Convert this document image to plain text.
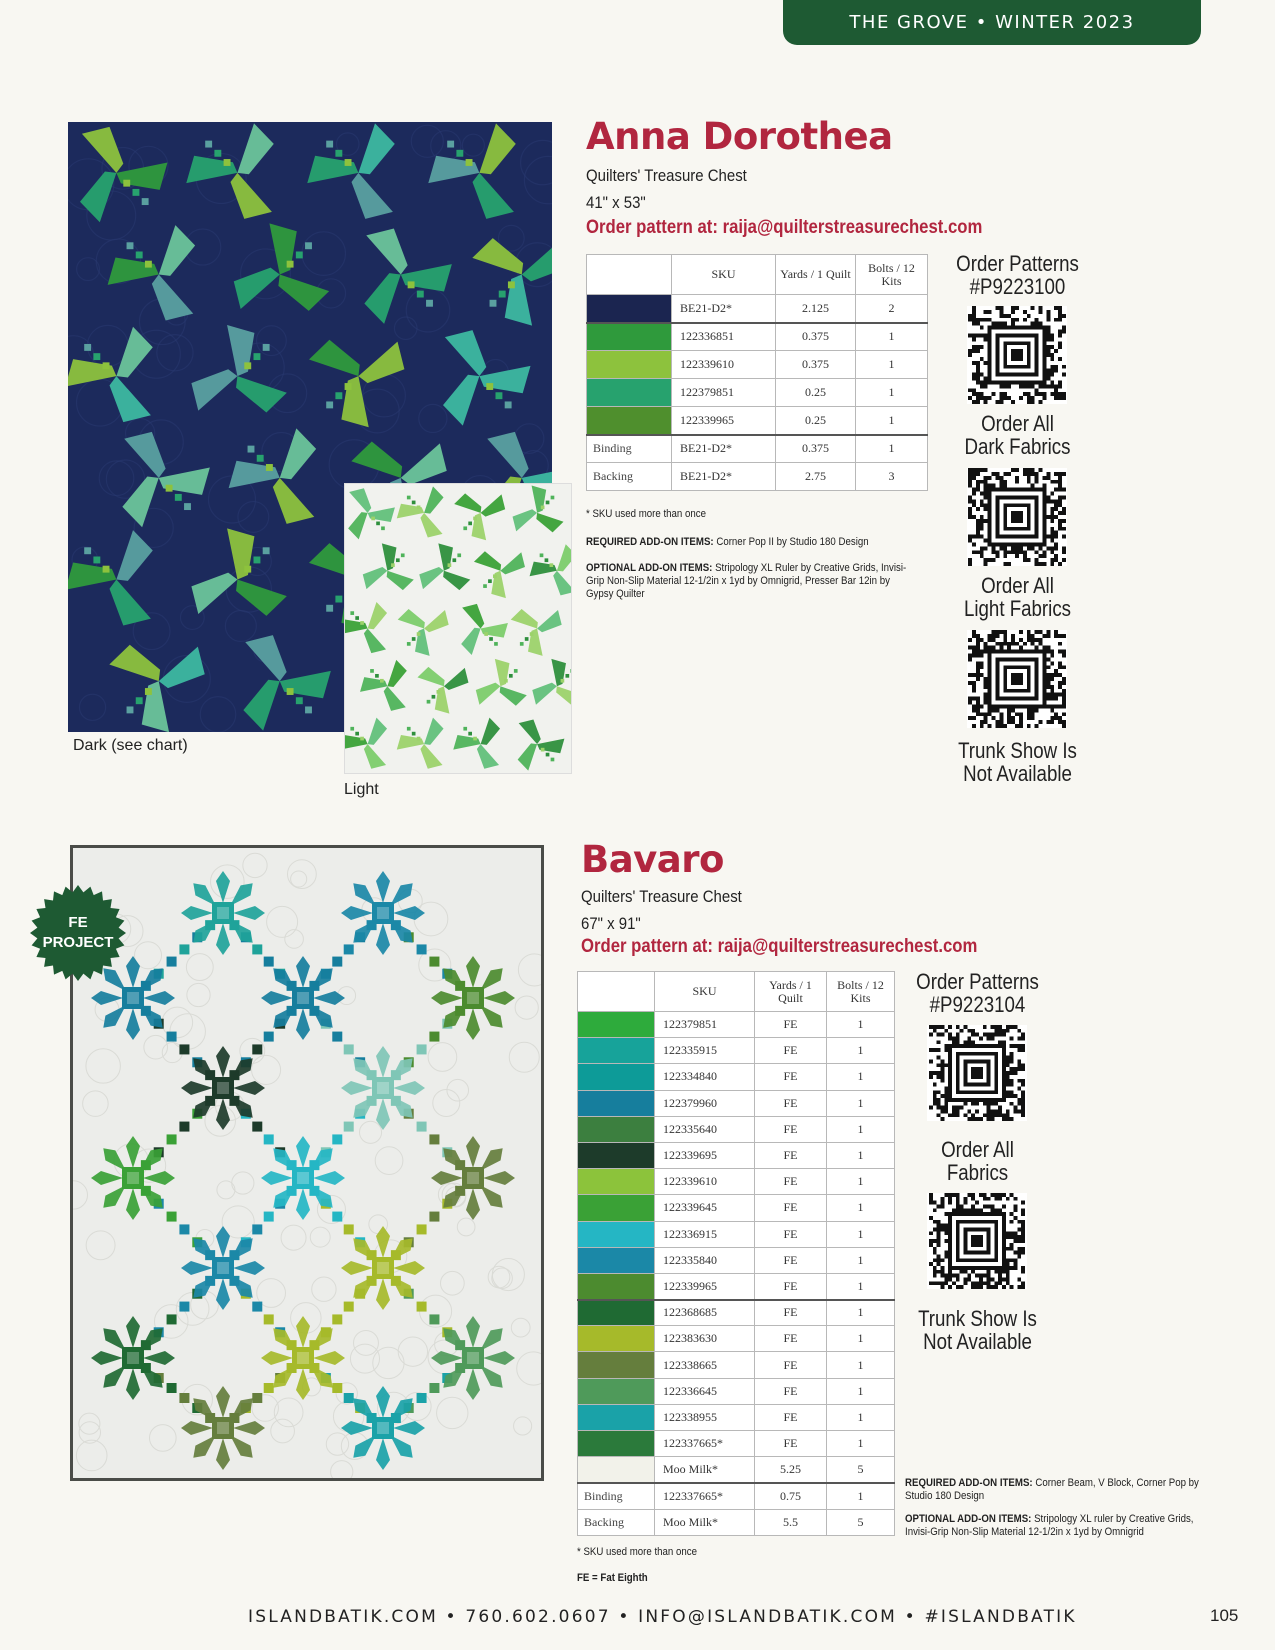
THE GROVE • WINTER 2023
Dark (see chart)
Light
Anna Dorothea
Quilters' Treasure Chest
41" x 53"
Order pattern at: raija@quilterstreasurechest.com
	SKU	Yards / 1 Quilt	Bolts / 12 Kits
	BE21-D2*	2.125	2
	122336851	0.375	1
	122339610	0.375	1
	122379851	0.25	1
	122339965	0.25	1
Binding	BE21-D2*	0.375	1
Backing	BE21-D2*	2.75	3
* SKU used more than once
REQUIRED ADD-ON ITEMS: Corner Pop II by Studio 180 Design
OPTIONAL ADD-ON ITEMS: Stripology XL Ruler by Creative Grids, Invisi-Grip Non-Slip Material 12-1/2in x 1yd by Omnigrid, Presser Bar 12in by Gypsy Quilter
Order Patterns
#P9223100
Order All
Dark Fabrics
Order All
Light Fabrics
Trunk Show Is
Not Available
FE
PROJECT
Bavaro
Quilters' Treasure Chest
67" x 91"
Order pattern at: raija@quilterstreasurechest.com
	SKU	Yards / 1 Quilt	Bolts / 12 Kits
	122379851	FE	1
	122335915	FE	1
	122334840	FE	1
	122379960	FE	1
	122335640	FE	1
	122339695	FE	1
	122339610	FE	1
	122339645	FE	1
	122336915	FE	1
	122335840	FE	1
	122339965	FE	1
	122368685	FE	1
	122383630	FE	1
	122338665	FE	1
	122336645	FE	1
	122338955	FE	1
	122337665*	FE	1
	Moo Milk*	5.25	5
Binding	122337665*	0.75	1
Backing	Moo Milk*	5.5	5
* SKU used more than once
FE = Fat Eighth
REQUIRED ADD-ON ITEMS: Corner Beam, V Block, Corner Pop by Studio 180 Design
OPTIONAL ADD-ON ITEMS: Stripology XL ruler by Creative Grids, Invisi-Grip Non-Slip Material 12-1/2in x 1yd by Omnigrid
Order Patterns
#P9223104
Order All
Fabrics
Trunk Show Is
Not Available
ISLANDBATIK.COM • 760.602.0607 • INFO@ISLANDBATIK.COM • #ISLANDBATIK	105
